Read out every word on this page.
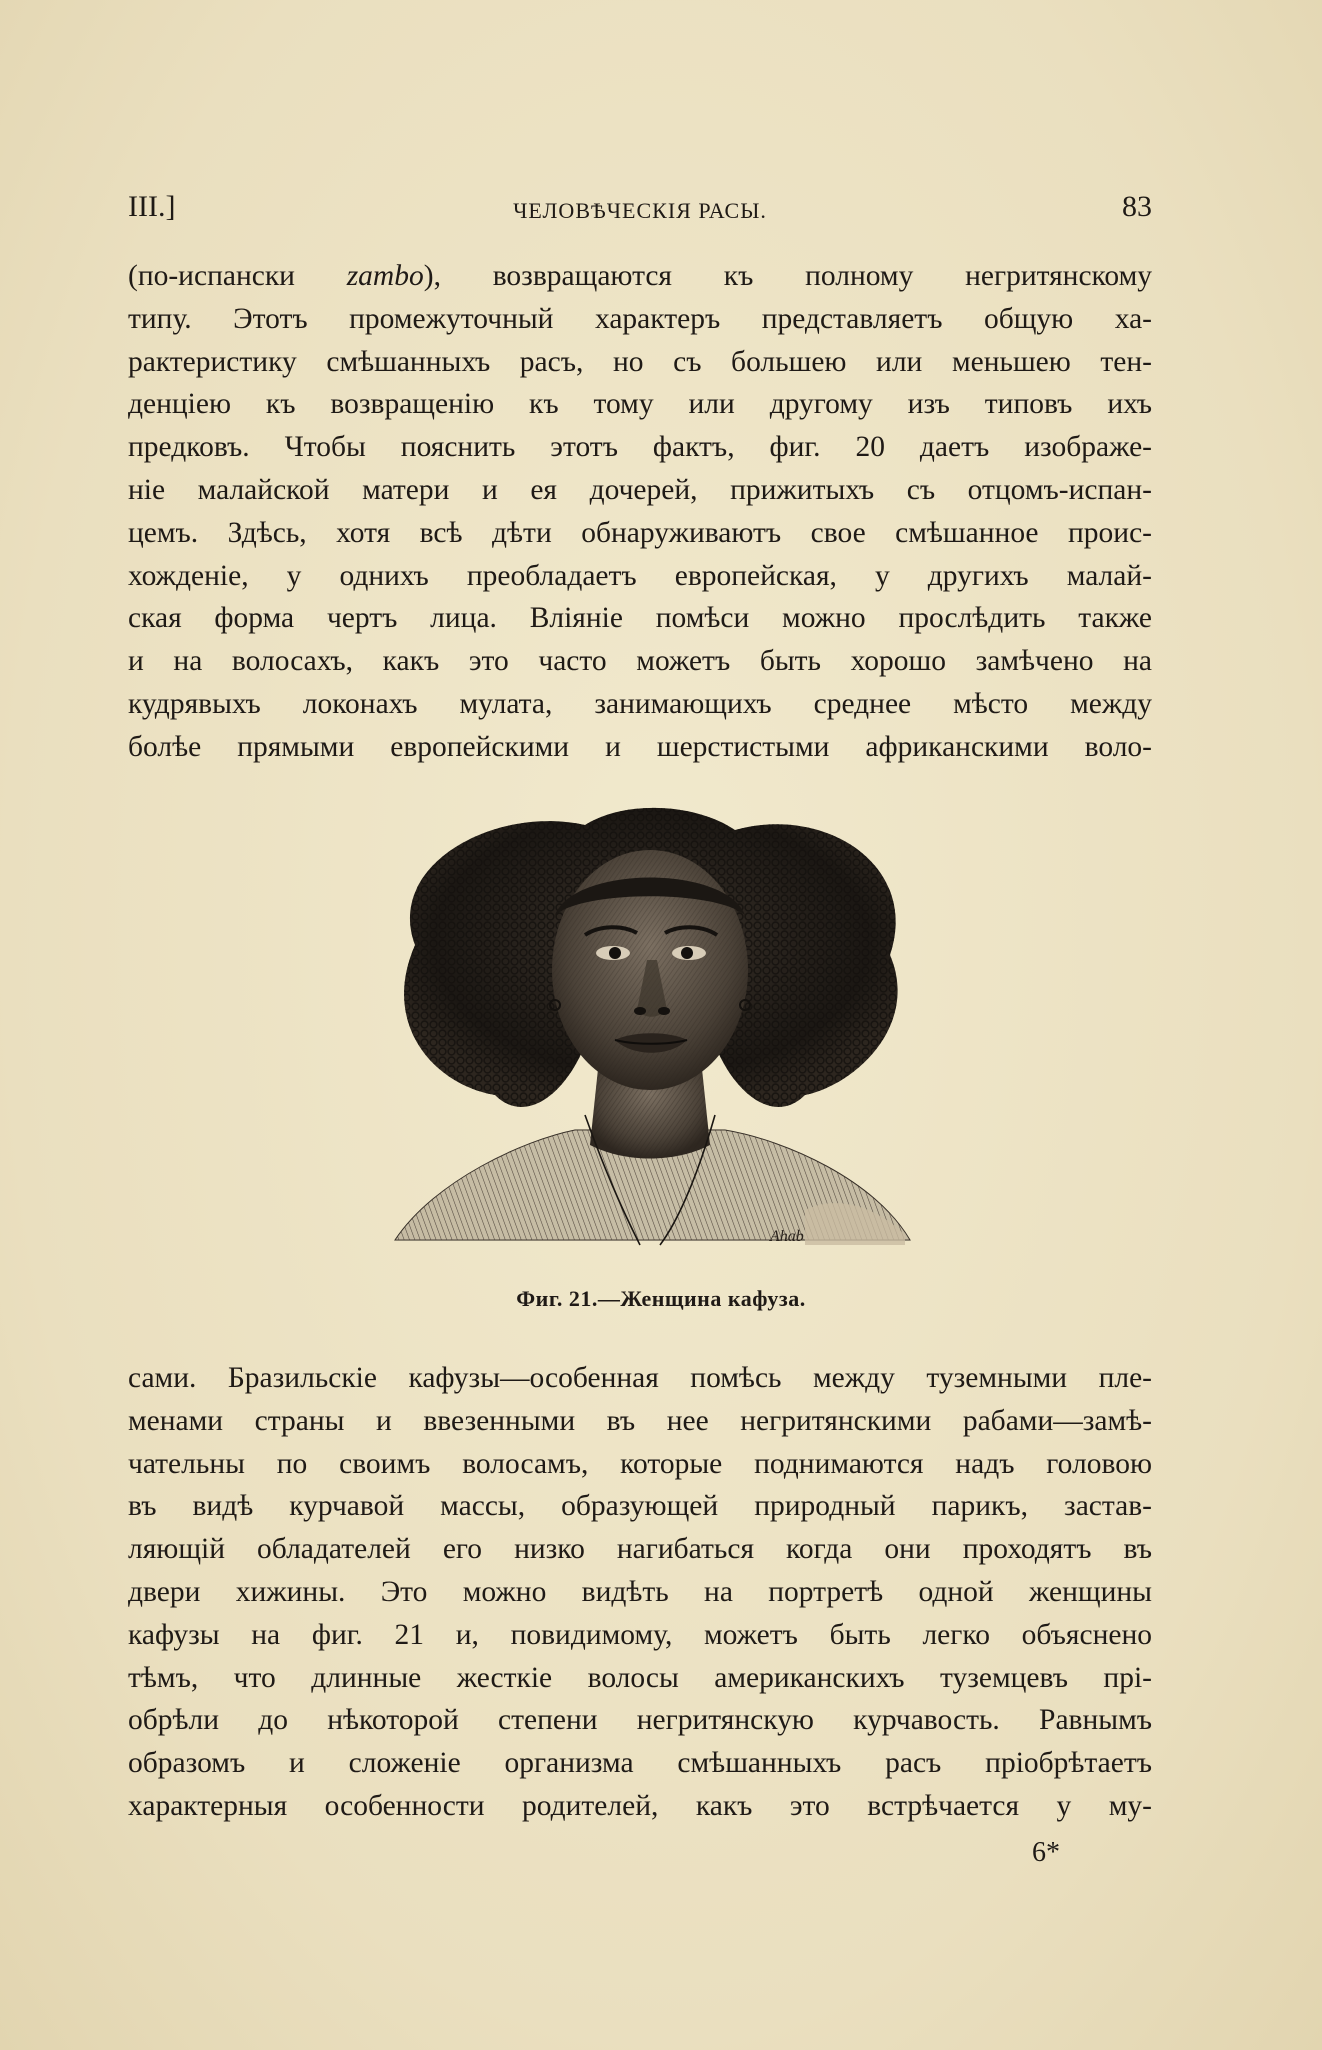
III.]	ЧЕЛОВѢЧЕСКІЯ РАСЫ.	83
(по-испански zambo), возвращаются къ полному негритянскому
типу. Этотъ промежуточный характеръ представляетъ общую ха-
рактеристику смѣшанныхъ расъ, но съ большею или меньшею тен-
денціею къ возвращенію къ тому или другому изъ типовъ ихъ
предковъ. Чтобы пояснить этотъ фактъ, фиг. 20 даетъ изображе-
ніе малайской матери и ея дочерей, прижитыхъ съ отцомъ-испан-
цемъ. Здѣсь, хотя всѣ дѣти обнаруживаютъ свое смѣшанное проис-
хожденіе, у однихъ преобладаетъ европейская, у другихъ малай-
ская форма чертъ лица. Вліяніе помѣси можно прослѣдить также
и на волосахъ, какъ это часто можетъ быть хорошо замѣчено на
кудрявыхъ локонахъ мулата, занимающихъ среднее мѣсто между
болѣе прямыми европейскими и шерстистыми африканскими воло-
Ahab
Фиг. 21.—Женщина кафуза.
сами. Бразильскіе кафузы—особенная помѣсь между туземными пле-
менами страны и ввезенными въ нее негритянскими рабами—замѣ-
чательны по своимъ волосамъ, которые поднимаются надъ головою
въ видѣ курчавой массы, образующей природный парикъ, застав-
ляющій обладателей его низко нагибаться когда они проходятъ въ
двери хижины. Это можно видѣть на портретѣ одной женщины
кафузы на фиг. 21 и, повидимому, можетъ быть легко объяснено
тѣмъ, что длинные жесткіе волосы американскихъ туземцевъ прі-
обрѣли до нѣкоторой степени негритянскую курчавость. Равнымъ
образомъ и сложеніе организма смѣшанныхъ расъ пріобрѣтаетъ
характерныя особенности родителей, какъ это встрѣчается у му-
6*
